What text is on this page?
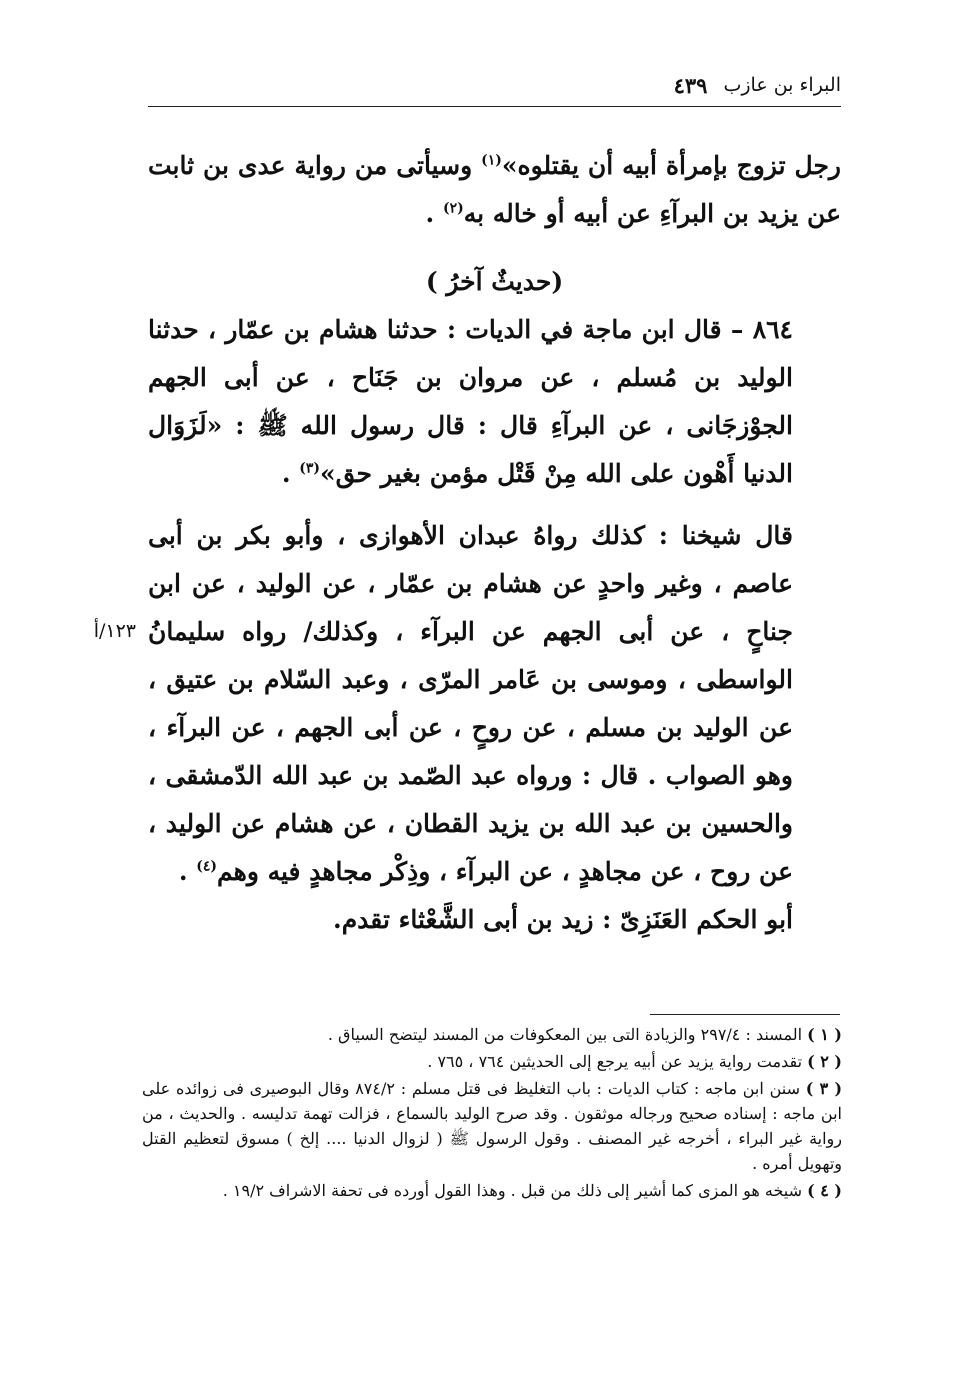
البراء بن عازب
٤٣٩
١٢٣/أ

رجل تزوج بإمرأة أبيه أن يقتلوه»$^{(١)}$ وسيأتى من رواية عدى بن ثابت عن يزيد بن البرآءِ عن أبيه أو خاله به$^{(٢)}$ .

(حديثٌ آخرُ )

٨٦٤ – قال ابن ماجة في الديات : حدثنا هشام بن عمّار ، حدثنا الوليد بن مُسلم ، عن مروان بن جَنَاح ، عن أبى الجهم الجوْزجَانى ، عن البرآءِ قال : قال رسول الله ﷺ : «لَزَوَال الدنيا أَهْون على الله مِنْ قَتْل مؤمن بغير حق»$^{(٣)}$ .

قال شيخنا : كذلك رواهُ عبدان الأهوازى ، وأبو بكر بن أبى عاصم ، وغير واحدٍ عن هشام بن عمّار ، عن الوليد ، عن ابن جناحٍ ، عن أبى الجهم عن البرآء ، وكذلك/ رواه سليمانُ الواسطى ، وموسى بن عَامر المرّى ، وعبد السّلام بن عتيق ، عن الوليد بن مسلم ، عن روحٍ ، عن أبى الجهم ، عن البرآء ، وهو الصواب . قال : ورواه عبد الصّمد بن عبد الله الدّمشقى ، والحسين بن عبد الله بن يزيد القطان ، عن هشام عن الوليد ، عن روح ، عن مجاهدٍ ، عن البرآء ، وذِكْر مجاهدٍ فيه وهم$^{(٤)}$ .

أبو الحكم العَنَزِىّ : زيد بن أبى الشَّعْثاء تقدم.

( ١ ) المسند : ٢٩٧/٤ والزيادة التى بين المعكوفات من المسند ليتضح السياق .

( ٢ ) تقدمت رواية يزيد عن أبيه يرجع إلى الحديثين ٧٦٤ ، ٧٦٥ .

( ٣ ) سنن ابن ماجه : كتاب الديات : باب التغليظ فى قتل مسلم : ٨٧٤/٢ وقال البوصيرى فى زوائده على ابن ماجه : إسناده صحيح ورجاله موثقون . وقد صرح الوليد بالسماع ، فزالت تهمة تدليسه . والحديث ، من رواية غير البراء ، أخرجه غير المصنف . وقول الرسول ﷺ ( لزوال الدنيا .... إلخ ) مسوق لتعظيم القتل وتهويل أمره .

( ٤ ) شيخه هو المزى كما أشير إلى ذلك من قبل . وهذا القول أورده فى تحفة الاشراف ١٩/٢ .
